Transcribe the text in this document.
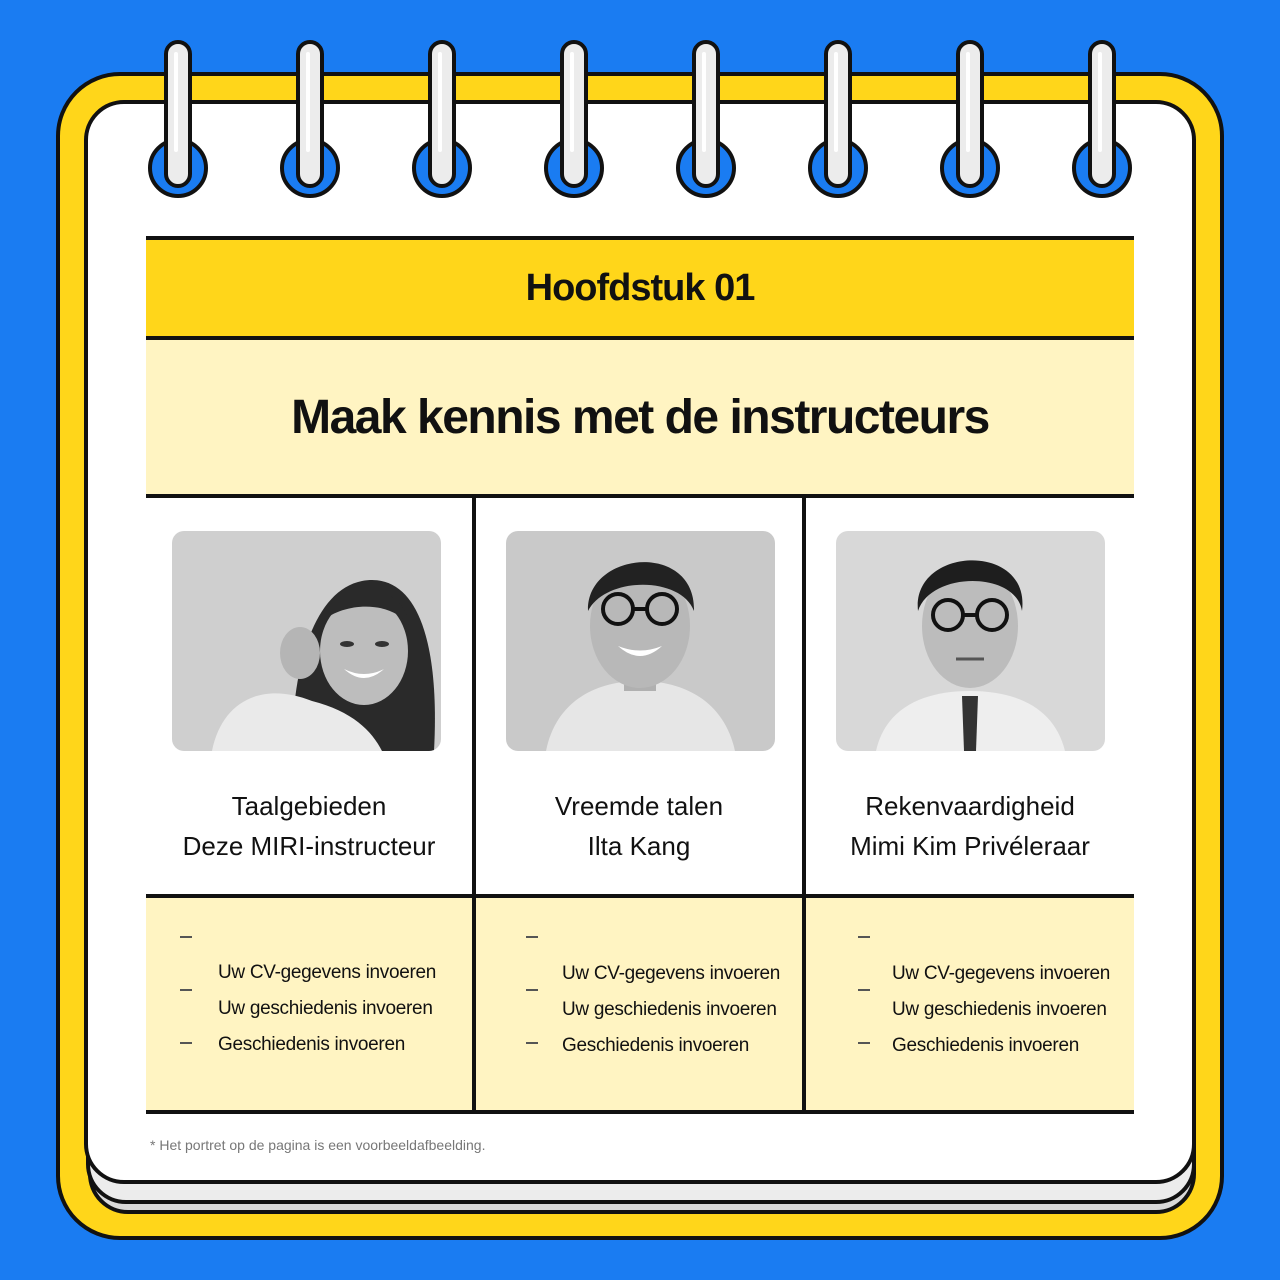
Hoofdstuk 01
Maak kennis met de instructeurs
Taalgebieden
Deze MIRI-instructeur
Vreemde talen
Ilta Kang
Rekenvaardigheid
Mimi Kim Privéleraar
Uw CV-gegevens invoeren
Uw geschiedenis invoeren
Geschiedenis invoeren
Uw CV-gegevens invoeren
Uw geschiedenis invoeren
Geschiedenis invoeren
Uw CV-gegevens invoeren
Uw geschiedenis invoeren
Geschiedenis invoeren
* Het portret op de pagina is een voorbeeldafbeelding.
